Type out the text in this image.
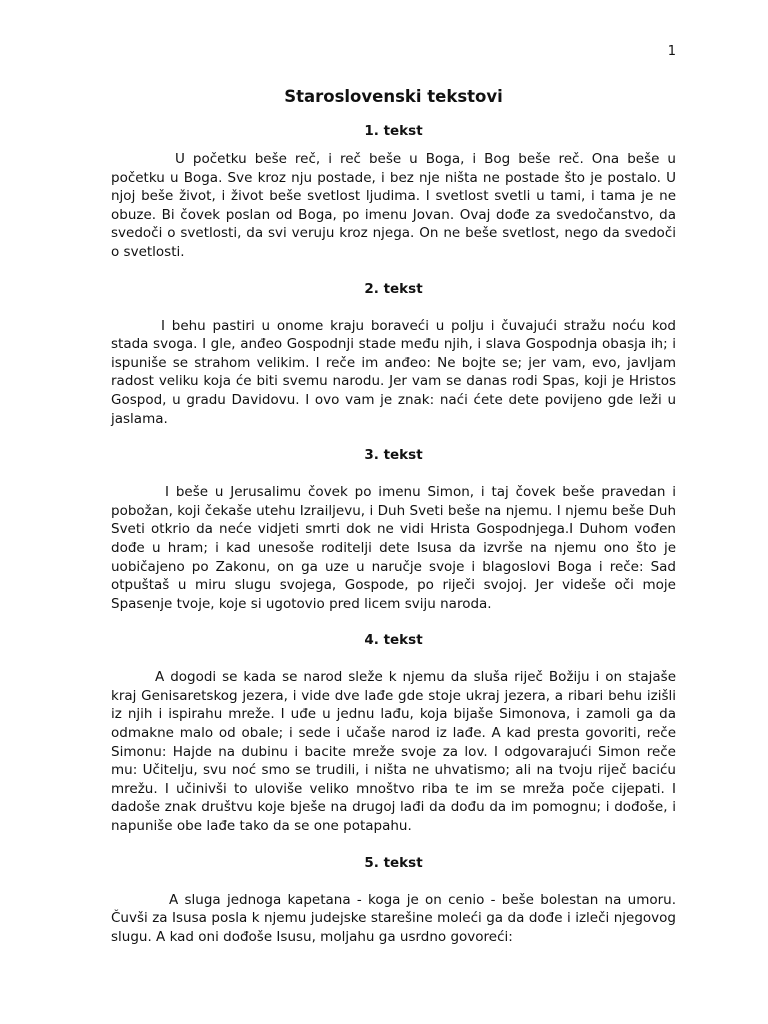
1
Staroslovenski tekstovi
1. tekst

U početku beše reč, i reč beše u Boga, i Bog beše reč. Ona beše u početku u Boga. Sve kroz nju postade, i bez nje ništa ne postade što je postalo. U njoj beše život, i život beše svetlost ljudima. I svetlost svetli u tami, i tama je ne obuze. Bi čovek poslan od Boga, po imenu Jovan. Ovaj dođe za svedočanstvo, da svedoči o svetlosti, da svi veruju kroz njega. On ne beše svetlost, nego da svedoči o svetlosti.

2. tekst

I behu pastiri u onome kraju boraveći u polju i čuvajući stražu noću kod stada svoga. I gle, anđeo Gospodnji stade među njih, i slava Gospodnja obasja ih; i ispuniše se strahom velikim. I reče im anđeo: Ne bojte se; jer vam, evo, javljam radost veliku koja će biti svemu narodu. Jer vam se danas rodi Spas, koji je Hristos Gospod, u gradu Davidovu. I ovo vam je znak: naći ćete dete povijeno gde leži u jaslama.

3. tekst

I beše u Jerusalimu čovek po imenu Simon, i taj čovek beše pravedan i pobožan, koji čekaše utehu Izrailjevu, i Duh Sveti beše na njemu. I njemu beše Duh Sveti otkrio da neće vidjeti smrti dok ne vidi Hrista Gospodnjega.I Duhom vođen dođe u hram; i kad unesoše roditelji dete Isusa da izvrše na njemu ono što je uobičajeno po Zakonu, on ga uze u naručje svoje i blagoslovi Boga i reče: Sad otpuštaš u miru slugu svojega, Gospode, po riječi svojoj. Jer videše oči moje Spasenje tvoje, koje si ugotovio pred licem sviju naroda.

4. tekst

A dogodi se kada se narod sleže k njemu da sluša riječ Božiju i on stajaše kraj Genisaretskog jezera, i vide dve lađe gde stoje ukraj jezera, a ribari behu izišli iz njih i ispirahu mreže. I uđe u jednu lađu, koja bijaše Simonova, i zamoli ga da odmakne malo od obale; i sede i učaše narod iz lađe. A kad presta govoriti, reče Simonu: Hajde na dubinu i bacite mreže svoje za lov. I odgovarajući Simon reče mu: Učitelju, svu noć smo se trudili, i ništa ne uhvatismo; ali na tvoju riječ baciću mrežu. I učinivši to uloviše veliko mnoštvo riba te im se mreža poče cijepati. I dadoše znak društvu koje bješe na drugoj lađi da dođu da im pomognu; i dođoše, i napuniše obe lađe tako da se one potapahu.

5. tekst

A sluga jednoga kapetana - koga je on cenio - beše bolestan na umoru. Čuvši za Isusa posla k njemu judejske starešine moleći ga da dođe i izleči njegovog slugu. A kad oni dođoše Isusu, moljahu ga usrdno govoreći:
